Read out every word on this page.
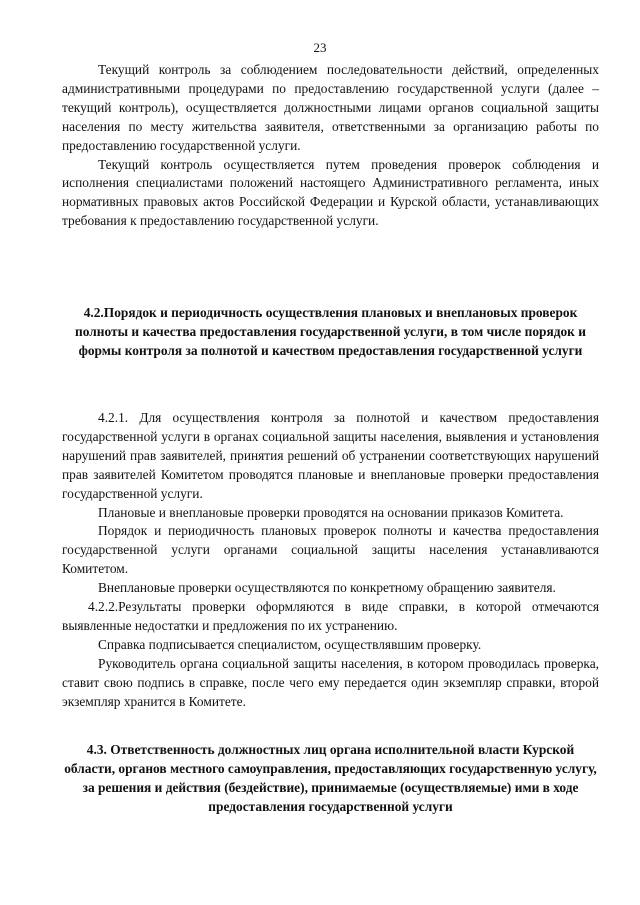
23

Текущий контроль за соблюдением последовательности действий, определенных административными процедурами по предоставлению государственной услуги (далее – текущий контроль), осуществляется должностными лицами органов социальной защиты населения по месту жительства заявителя, ответственными за организацию работы по предоставлению государственной услуги.

Текущий контроль осуществляется путем проведения проверок соблюдения и исполнения специалистами положений настоящего Административного регламента, иных нормативных правовых актов Российской Федерации и Курской области, устанавливающих требования к предоставлению государственной услуги.

4.2.Порядок и периодичность осуществления плановых и внеплановых проверок полноты и качества предоставления государственной услуги, в том числе порядок и формы контроля за полнотой и качеством предоставления государственной услуги

4.2.1. Для осуществления контроля за полнотой и качеством предоставления государственной услуги в органах социальной защиты населения, выявления и установления нарушений прав заявителей, принятия решений об устранении соответствующих нарушений прав заявителей Комитетом проводятся плановые и внеплановые проверки предоставления государственной услуги.

Плановые и внеплановые проверки проводятся на основании приказов Комитета.

Порядок и периодичность плановых проверок полноты и качества предоставления государственной услуги органами социальной защиты населения устанавливаются Комитетом.

Внеплановые проверки осуществляются по конкретному обращению заявителя.

4.2.2.Результаты проверки оформляются в виде справки, в которой отмечаются выявленные недостатки и предложения по их устранению.

Справка подписывается специалистом, осуществлявшим проверку.

Руководитель органа социальной защиты населения, в котором проводилась проверка, ставит свою подпись в справке, после чего ему передается один экземпляр справки, второй экземпляр хранится в Комитете.

4.3. Ответственность должностных лиц органа исполнительной власти Курской области, органов местного самоуправления, предоставляющих государственную услугу, за решения и действия (бездействие), принимаемые (осуществляемые) ими в ходе предоставления государственной услуги
